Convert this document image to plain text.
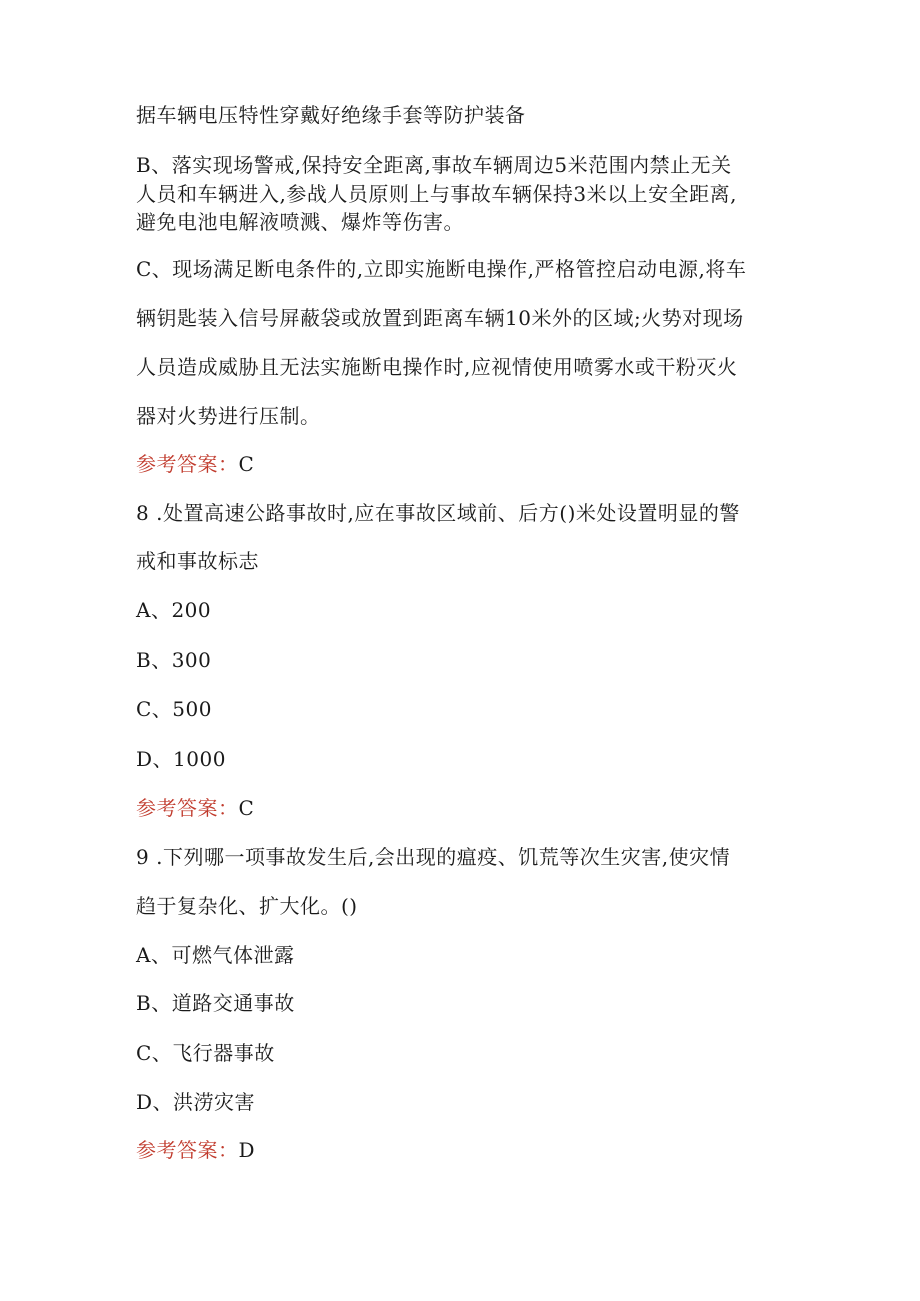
据车辆电压特性穿戴好绝缘手套等防护装备
B、落实现场警戒,保持安全距离,事故车辆周边5米范围内禁止无关
人员和车辆进入,参战人员原则上与事故车辆保持3米以上安全距离,
避免电池电解液喷溅、爆炸等伤害。
C、现场满足断电条件的,立即实施断电操作,严格管控启动电源,将车
辆钥匙装入信号屏蔽袋或放置到距离车辆10米外的区域;火势对现场
人员造成威胁且无法实施断电操作时,应视情使用喷雾水或干粉灭火
器对火势进行压制。
参考答案：C
8 .处置高速公路事故时,应在事故区域前、后方()米处设置明显的警
戒和事故标志
A、200
B、300
C、500
D、1000
参考答案：C
9 .下列哪一项事故发生后,会出现的瘟疫、饥荒等次生灾害,使灾情
趋于复杂化、扩大化。()
A、可燃气体泄露
B、道路交通事故
C、飞行器事故
D、洪涝灾害
参考答案：D
